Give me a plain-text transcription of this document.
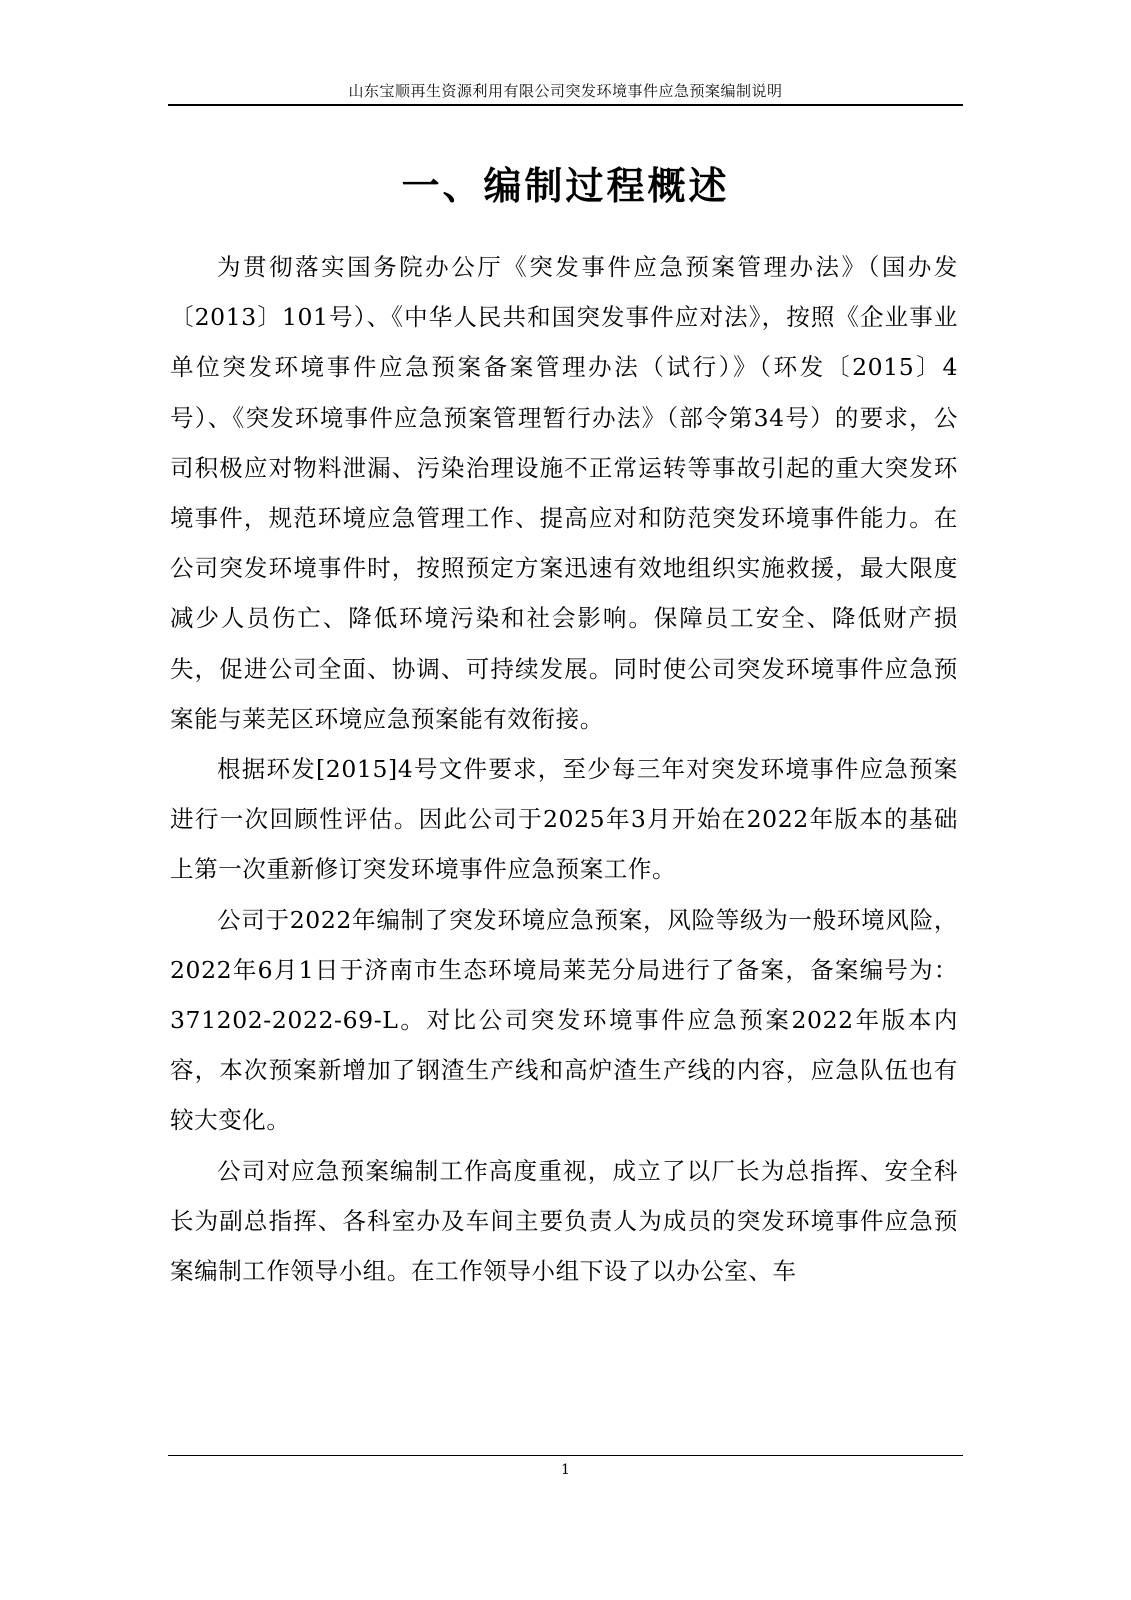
山东宝顺再生资源利用有限公司突发环境事件应急预案编制说明
一、编制过程概述

为贯彻落实国务院办公厅《突发事件应急预案管理办法》（国办发〔2013〕101号）、《中华人民共和国突发事件应对法》，按照《企业事业单位突发环境事件应急预案备案管理办法（试行）》（环发〔2015〕4号）、《突发环境事件应急预案管理暂行办法》（部令第34号）的要求，公司积极应对物料泄漏、污染治理设施不正常运转等事故引起的重大突发环境事件，规范环境应急管理工作、提高应对和防范突发环境事件能力。在公司突发环境事件时，按照预定方案迅速有效地组织实施救援，最大限度减少人员伤亡、降低环境污染和社会影响。保障员工安全、降低财产损失，促进公司全面、协调、可持续发展。同时使公司突发环境事件应急预案能与莱芜区环境应急预案能有效衔接。

根据环发[2015]4号文件要求，至少每三年对突发环境事件应急预案进行一次回顾性评估。因此公司于2025年3月开始在2022年版本的基础上第一次重新修订突发环境事件应急预案工作。

公司于2022年编制了突发环境应急预案，风险等级为一般环境风险，2022年6月1日于济南市生态环境局莱芜分局进行了备案，备案编号为：371202-2022-69-L。对比公司突发环境事件应急预案2022年版本内容，本次预案新增加了钢渣生产线和高炉渣生产线的内容，应急队伍也有较大变化。

公司对应急预案编制工作高度重视，成立了以厂长为总指挥、安全科长为副总指挥、各科室办及车间主要负责人为成员的突发环境事件应急预案编制工作领导小组。在工作领导小组下设了以办公室、车

1
